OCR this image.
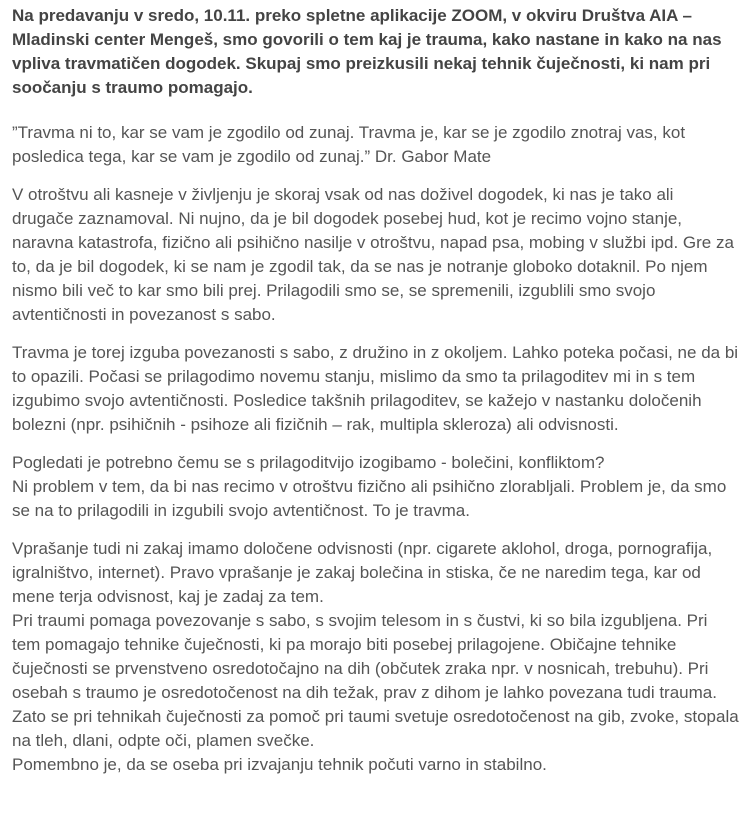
Na predavanju v sredo, 10.11. preko spletne aplikacije ZOOM, v okviru Društva AIA – Mladinski center Mengeš, smo govorili o tem kaj je trauma, kako nastane in kako na nas vpliva travmatičen dogodek. Skupaj smo preizkusili nekaj tehnik čuječnosti, ki nam pri soočanju s traumo pomagajo.

”Travma ni to, kar se vam je zgodilo od zunaj. Travma je, kar se je zgodilo znotraj vas, kot posledica tega, kar se vam je zgodilo od zunaj.” Dr. Gabor Mate

V otroštvu ali kasneje v življenju je skoraj vsak od nas doživel dogodek, ki nas je tako ali drugače zaznamoval. Ni nujno, da je bil dogodek posebej hud, kot je recimo vojno stanje, naravna katastrofa, fizično ali psihično nasilje v otroštvu, napad psa, mobing v službi ipd. Gre za to, da je bil dogodek, ki se nam je zgodil tak, da se nas je notranje globoko dotaknil. Po njem nismo bili več to kar smo bili prej. Prilagodili smo se, se spremenili, izgublili smo svojo avtentičnosti in povezanost s sabo.

Travma je torej izguba povezanosti s sabo, z družino in z okoljem. Lahko poteka počasi, ne da bi to opazili. Počasi se prilagodimo novemu stanju, mislimo da smo ta prilagoditev mi in s tem izgubimo svojo avtentičnosti. Posledice takšnih prilagoditev, se kažejo v nastanku določenih bolezni (npr. psihičnih - psihoze ali fizičnih – rak, multipla skleroza) ali odvisnosti.

Pogledati je potrebno čemu se s prilagoditvijo izogibamo - bolečini, konfliktom?
Ni problem v tem, da bi nas recimo v otroštvu fizično ali psihično zlorabljali. Problem je, da smo se na to prilagodili in izgubili svojo avtentičnost. To je travma.

Vprašanje tudi ni zakaj imamo določene odvisnosti (npr. cigarete aklohol, droga, pornografija, igralništvo, internet). Pravo vprašanje je zakaj bolečina in stiska, če ne naredim tega, kar od mene terja odvisnost, kaj je zadaj za tem.
Pri traumi pomaga povezovanje s sabo, s svojim telesom in s čustvi, ki so bila izgubljena. Pri tem pomagajo tehnike čuječnosti, ki pa morajo biti posebej prilagojene. Običajne tehnike čuječnosti se prvenstveno osredotočajno na dih (občutek zraka npr. v nosnicah, trebuhu). Pri osebah s traumo je osredotočenost na dih težak, prav z dihom je lahko povezana tudi trauma. Zato se pri tehnikah čuječnosti za pomoč pri taumi svetuje osredotočenost na gib, zvoke, stopala na tleh, dlani, odpte oči, plamen svečke.
Pomembno je, da se oseba pri izvajanju tehnik počuti varno in stabilno.
